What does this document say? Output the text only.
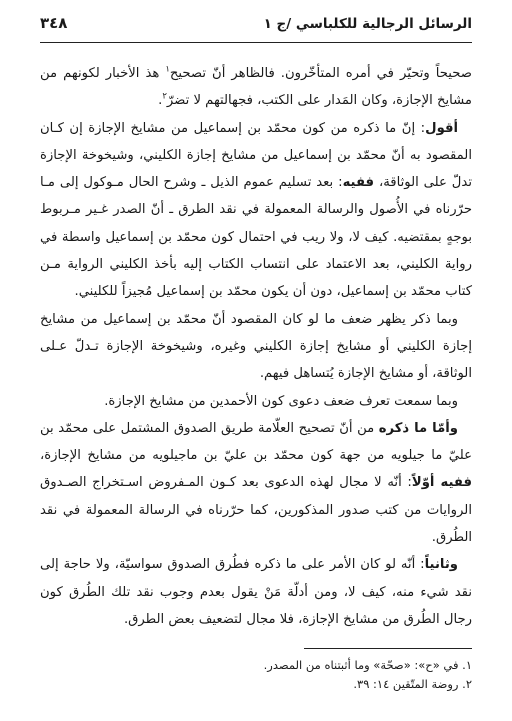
الرسائل الرجالية للكلباسي /ج ١
٣٤٨

صحيحاً وتحيّر في أمره المتأخّرون. فالظاهر أنّ تصحيح$^١$ هذ الأخبار لكونهم من مشايخ الإجازة، وكان المَدار على الكتب، فجهالتهم لا تضرّ$^٢$.

أقول: إنّ ما ذكره من كون محمّد بن إسماعيل من مشايخ الإجازة إن كـان المقصود به أنّ محمّد بن إسماعيل من مشايخ إجازة الكليني، وشيخوخة الإجازة تدلّ على الوثاقة، ففيه: بعد تسليم عموم الذيل ـ وشرح الحال مـوكول إلى مـا حرّرناه في الأُصول والرسالة المعمولة في نقد الطرق ـ أنّ الصدر غـير مـربوط بوجهٍ بمقتضيه. كيف لا، ولا ريب في احتمال كون محمّد بن إسماعيل واسطة في رواية الكليني، بعد الاعتماد على انتساب الكتاب إليه بأخذ الكليني الرواية مـن كتاب محمّد بن إسماعيل، دون أن يكون محمّد بن إسماعيل مُجيزاً للكليني.

وبما ذكر يظهر ضعف ما لو كان المقصود أنّ محمّد بن إسماعيل من مشايخ إجازة الكليني أو مشايخ إجازة الكليني وغيره، وشيخوخة الإجازة تـدلّ عـلى الوثاقة، أو مشايخ الإجازة يُتساهل فيهم.

وبما سمعت تعرف ضعف دعوى كون الأحمدين من مشايخ الإجازة.

وأمّا ما ذكره من أنّ تصحيح العلّامة طريق الصدوق المشتمل على محمّد بن عليّ ما جيلويه من جهة كون محمّد بن عليّ بن ماجيلويه من مشايخ الإجازة، ففيه أوّلاً: أنّه لا مجال لهذه الدعوى بعد كـون المـفروض اسـتخراج الصـدوق الروايات من كتب صدور المذكورين، كما حرّرناه في الرسالة المعمولة في نقد الطُرق.

وثانياً: أنّه لو كان الأمر على ما ذكره فطُرق الصدوق سواسيّة، ولا حاجة إلى نقد شيء منه، كيف لا، ومن أدلّة مَنْ يقول بعدم وجوب نقد تلك الطُرق كون رجال الطُرق من مشايخ الإجازة، فلا مجال لتضعيف بعض الطرق.

١. في «ح»: «صحّة» وما أثبتناه من المصدر.
٢. روضة المتّقين ١٤: ٣٩.
